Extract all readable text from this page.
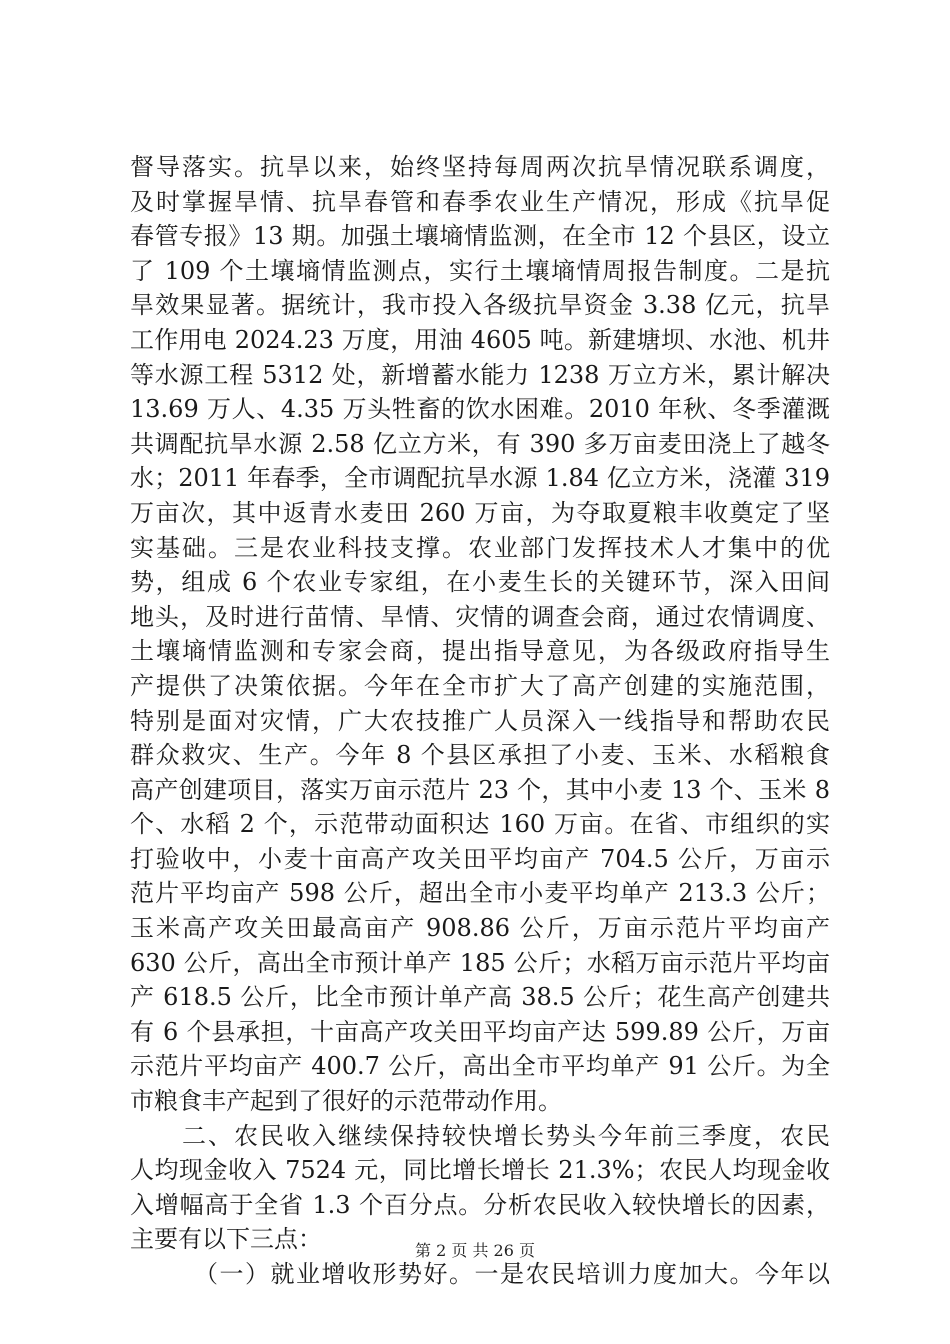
督导落实。抗旱以来，始终坚持每周两次抗旱情况联系调度，
及时掌握旱情、抗旱春管和春季农业生产情况，形成《抗旱促
春管专报》13 期。加强土壤墒情监测，在全市 12 个县区，设立
了 109 个土壤墒情监测点，实行土壤墒情周报告制度。二是抗
旱效果显著。据统计，我市投入各级抗旱资金 3.38 亿元，抗旱
工作用电 2024.23 万度，用油 4605 吨。新建塘坝、水池、机井
等水源工程 5312 处，新增蓄水能力 1238 万立方米，累计解决
13.69 万人、4.35 万头牲畜的饮水困难。2010 年秋、冬季灌溉
共调配抗旱水源 2.58 亿立方米，有 390 多万亩麦田浇上了越冬
水；2011 年春季，全市调配抗旱水源 1.84 亿立方米，浇灌 319
万亩次，其中返青水麦田 260 万亩，为夺取夏粮丰收奠定了坚
实基础。三是农业科技支撑。农业部门发挥技术人才集中的优
势，组成 6 个农业专家组，在小麦生长的关键环节，深入田间
地头，及时进行苗情、旱情、灾情的调查会商，通过农情调度、
土壤墒情监测和专家会商，提出指导意见，为各级政府指导生
产提供了决策依据。今年在全市扩大了高产创建的实施范围，
特别是面对灾情，广大农技推广人员深入一线指导和帮助农民
群众救灾、生产。今年 8 个县区承担了小麦、玉米、水稻粮食
高产创建项目，落实万亩示范片 23 个，其中小麦 13 个、玉米 8
个、水稻 2 个，示范带动面积达 160 万亩。在省、市组织的实
打验收中，小麦十亩高产攻关田平均亩产 704.5 公斤，万亩示
范片平均亩产 598 公斤，超出全市小麦平均单产 213.3 公斤；
玉米高产攻关田最高亩产 908.86 公斤，万亩示范片平均亩产
630 公斤，高出全市预计单产 185 公斤；水稻万亩示范片平均亩
产 618.5 公斤，比全市预计单产高 38.5 公斤；花生高产创建共
有 6 个县承担，十亩高产攻关田平均亩产达 599.89 公斤，万亩
示范片平均亩产 400.7 公斤，高出全市平均单产 91 公斤。为全
市粮食丰产起到了很好的示范带动作用。
二、农民收入继续保持较快增长势头今年前三季度，农民
人均现金收入 7524 元，同比增长增长 21.3%；农民人均现金收
入增幅高于全省 1.3 个百分点。分析农民收入较快增长的因素，
主要有以下三点：
（一）就业增收形势好。一是农民培训力度加大。今年以
第 2 页 共 26 页
